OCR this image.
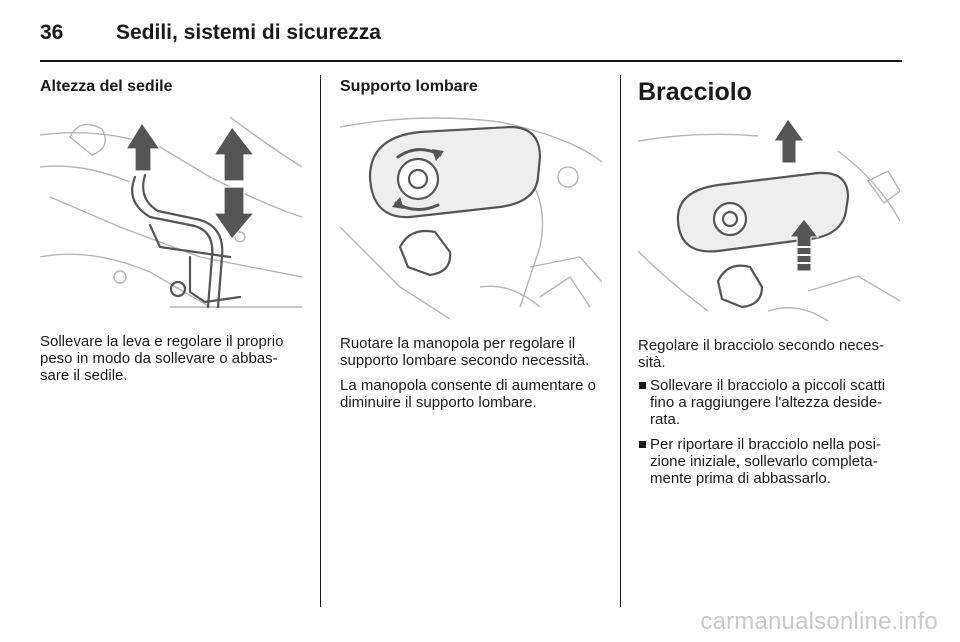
36	Sedili, sistemi di sicurezza
Altezza del sedile

Sollevare la leva e regolare il proprio peso in modo da sollevare o abbas-sare il sedile.

Supporto lombare

Ruotare la manopola per regolare il supporto lombare secondo necessità.

La manopola consente di aumentare o diminuire il supporto lombare.

Bracciolo

Regolare il bracciolo secondo neces-sità.

Sollevare il bracciolo a piccoli scatti fino a raggiungere l'altezza deside-rata.
Per riportare il bracciolo nella posi-zione iniziale, sollevarlo completa-mente prima di abbassarlo.
carmanualsonline.info
